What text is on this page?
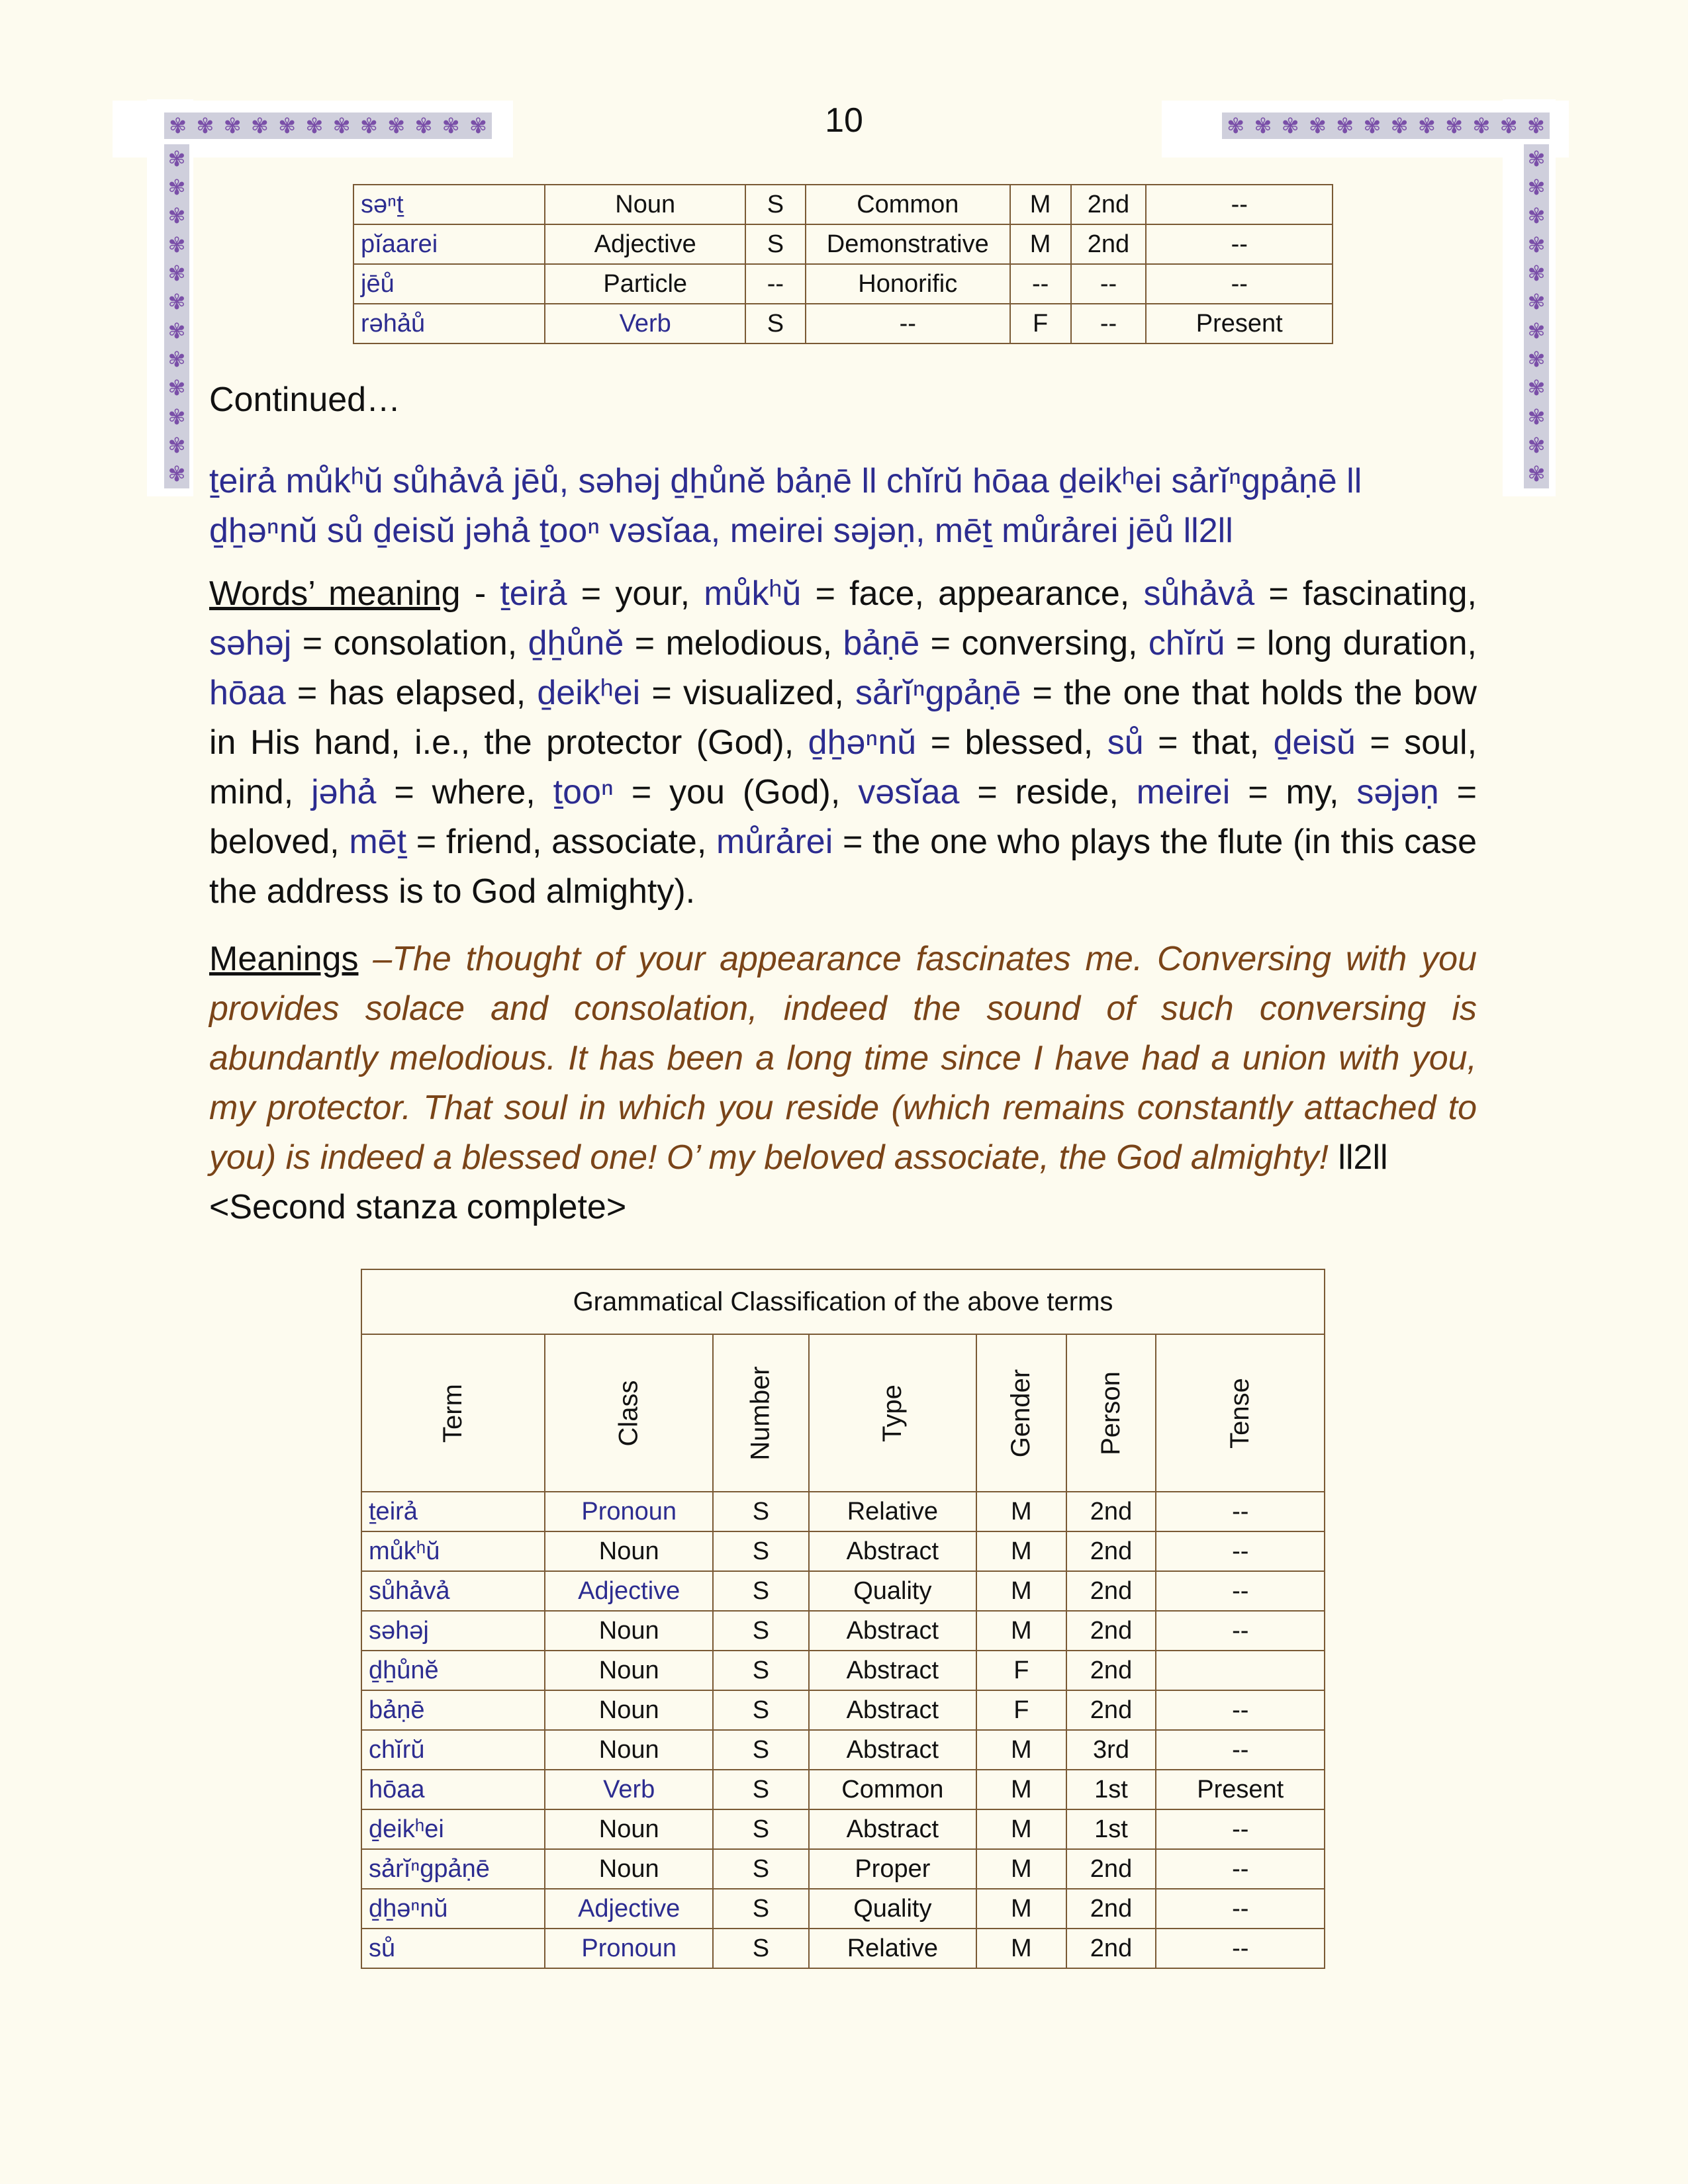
✾ ✾ ✾ ✾ ✾ ✾ ✾ ✾ ✾ ✾ ✾ ✾	✾ ✾ ✾ ✾ ✾ ✾ ✾ ✾ ✾ ✾ ✾ ✾
✾
✾
✾
✾
✾
✾
✾
✾
✾
✾
✾
✾
✾
✾
✾
✾
✾
✾
✾
✾
✾
✾
✾
✾
10
səⁿṯ	Noun	S	Common	M	2nd	--
pĭaarei	Adjective	S	Demonstrative	M	2nd	--
jēů	Particle	--	Honorific	--	--	--
rəhảů	Verb	S	--	F	--	Present
Continued…
ṯeirả můkʰŭ sůhảvả jēů, səhəj ḏẖůnĕ bảṇē ll chĭrŭ hōaa ḏeikʰei sảrĭⁿgpảṇē ll
ḏẖəⁿnŭ sů ḏeisŭ jəhả ṯooⁿ vəsĭaa, meirei səjəṇ, mēṯ můrảrei jēů ll2ll
Words’ meaning - ṯeirả = your, můkʰŭ = face, appearance, sůhảvả = fascinating, səhəj = consolation, ḏẖůnĕ = melodious, bảṇē = conversing, chĭrŭ = long duration, hōaa = has elapsed, ḏeikʰei = visualized, sảrĭⁿgpảṇē = the one that holds the bow in His hand, i.e., the protector (God), ḏẖəⁿnŭ = blessed, sů = that, ḏeisŭ = soul, mind, jəhả = where, ṯooⁿ = you (God), vəsĭaa = reside, meirei = my, səjəṇ = beloved, mēṯ = friend, associate, můrảrei = the one who plays the flute (in this case the address is to God almighty).
Meanings –The thought of your appearance fascinates me. Conversing with you provides solace and consolation, indeed the sound of such conversing is abundantly melodious. It has been a long time since I have had a union with you, my protector. That soul in which you reside (which remains constantly attached to you) is indeed a blessed one! O’ my beloved associate, the God almighty! ll2ll
<Second stanza complete>
Grammatical Classification of the above terms						
Term	Class	Number	Type	Gender	Person	Tense
ṯeirả	Pronoun	S	Relative	M	2nd	--
můkʰŭ	Noun	S	Abstract	M	2nd	--
sůhảvả	Adjective	S	Quality	M	2nd	--
səhəj	Noun	S	Abstract	M	2nd	--
ḏẖůnĕ	Noun	S	Abstract	F	2nd	
bảṇē	Noun	S	Abstract	F	2nd	--
chĭrŭ	Noun	S	Abstract	M	3rd	--
hōaa	Verb	S	Common	M	1st	Present
ḏeikʰei	Noun	S	Abstract	M	1st	--
sảrĭⁿgpảṇē	Noun	S	Proper	M	2nd	--
ḏẖəⁿnŭ	Adjective	S	Quality	M	2nd	--
sů	Pronoun	S	Relative	M	2nd	--
